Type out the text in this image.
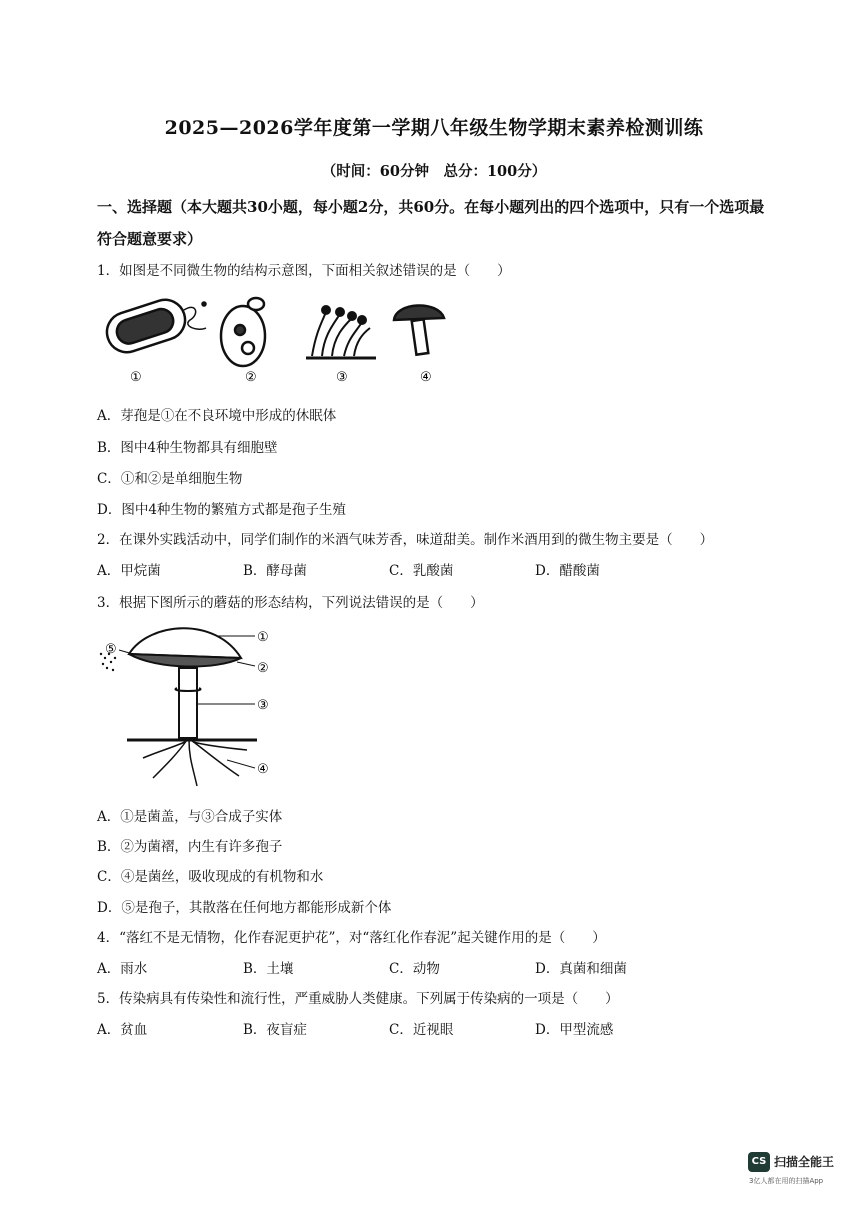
2025—2026学年度第一学期八年级生物学期末素养检测训练
（时间：60分钟　总分：100分）
一、选择题（本大题共30小题，每小题2分，共60分。在每小题列出的四个选项中，只有一个选项最符合题意要求）
1．如图是不同微生物的结构示意图，下面相关叙述错误的是（　　）
①	②	③	④
A．芽孢是①在不良环境中形成的休眠体
B．图中4种生物都具有细胞壁
C．①和②是单细胞生物
D．图中4种生物的繁殖方式都是孢子生殖
2．在课外实践活动中，同学们制作的米酒气味芳香，味道甜美。制作米酒用到的微生物主要是（　　）
A．甲烷菌	B．酵母菌	C．乳酸菌	D．醋酸菌
3．根据下图所示的蘑菇的形态结构，下列说法错误的是（　　）
①
②
③
④
⑤
A．①是菌盖，与③合成子实体
B．②为菌褶，内生有许多孢子
C．④是菌丝，吸收现成的有机物和水
D．⑤是孢子，其散落在任何地方都能形成新个体
4．“落红不是无情物，化作春泥更护花”，对“落红化作春泥”起关键作用的是（　　）
A．雨水	B．土壤	C．动物	D．真菌和细菌
5．传染病具有传染性和流行性，严重威胁人类健康。下列属于传染病的一项是（　　）
A．贫血	B．夜盲症	C．近视眼	D．甲型流感
CS 扫描全能王
3亿人都在用的扫描App
